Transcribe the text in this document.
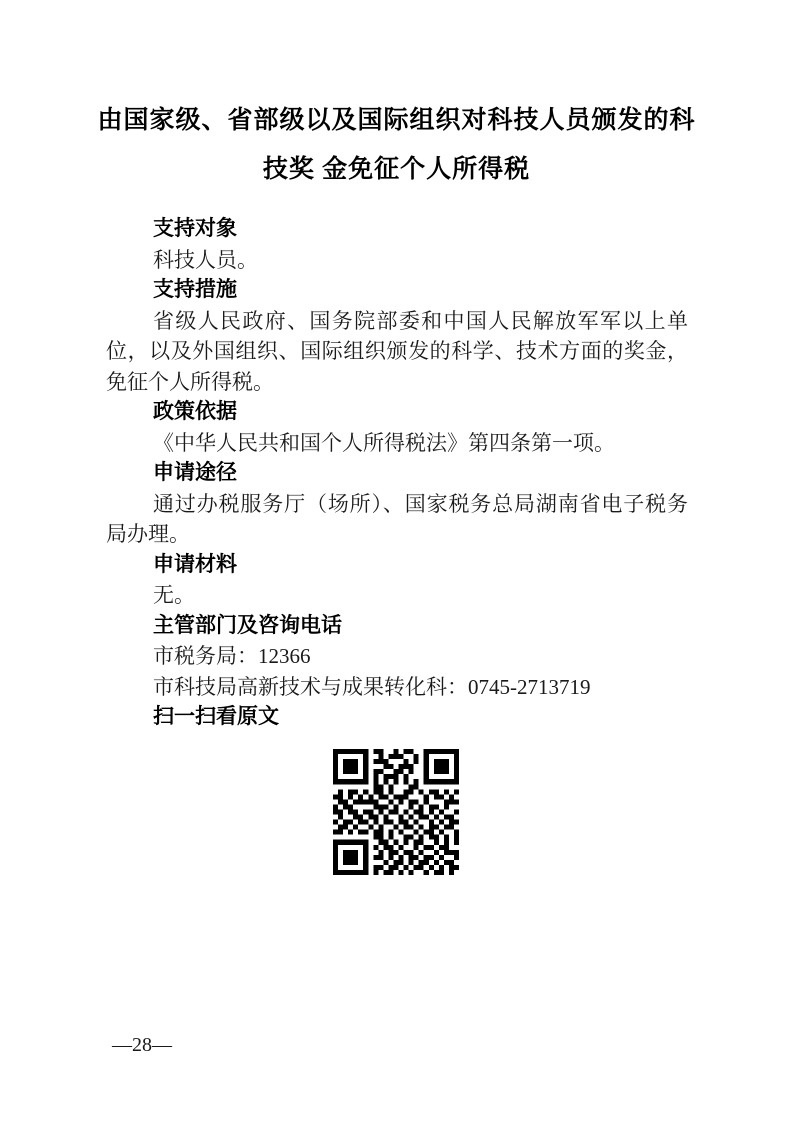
由国家级、省部级以及国际组织对科技人员颁发的科
技奖 金免征个人所得税

支持对象

科技人员。

支持措施

省级人民政府、国务院部委和中国人民解放军军以上单 位，以及外国组织、国际组织颁发的科学、技术方面的奖金， 免征个人所得税。

政策依据

《中华人民共和国个人所得税法》第四条第一项。

申请途径

通过办税服务厅（场所）、国家税务总局湖南省电子税务局办理。

申请材料

无。

主管部门及咨询电话

市税务局：12366

市科技局高新技术与成果转化科：0745-2713719

扫一扫看原文

—28—
